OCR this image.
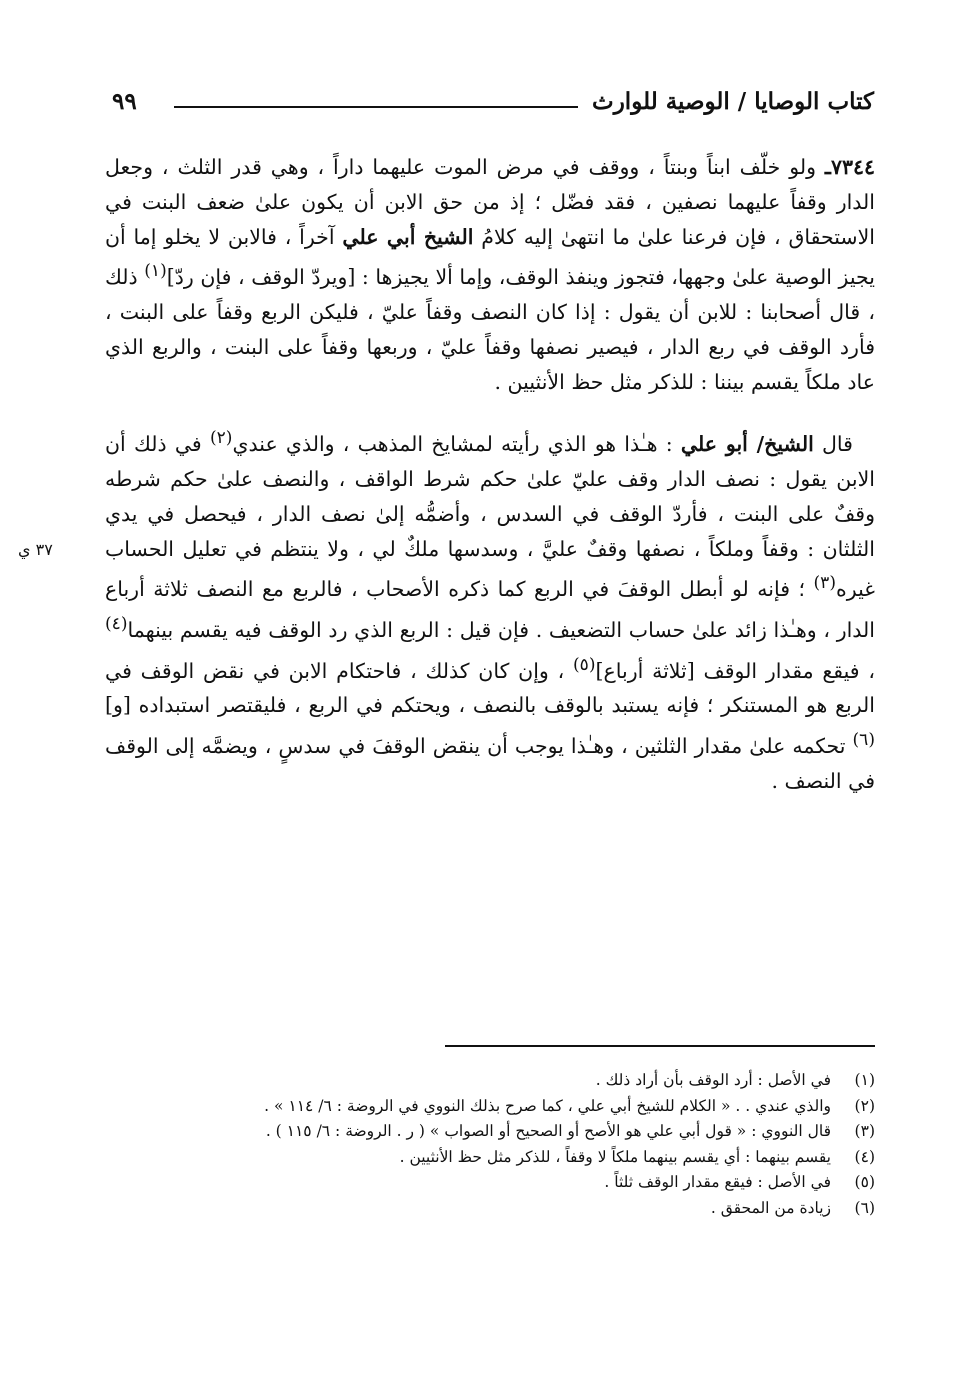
كتاب الوصايا / الوصية للوارث
٩٩
٣٧ ي

٧٣٤٤ـ ولو خلّف ابناً وبنتاً ، ووقف في مرض الموت عليهما داراً ، وهي قدر الثلث ، وجعل الدار وقفاً عليهما نصفين ، فقد فضّل ؛ إذ من حق الابن أن يكون علىٰ ضعف البنت في الاستحقاق ، فإن فرعنا علىٰ ما انتهىٰ إليه كلامُ الشيخ أبي علي آخراً ، فالابن لا يخلو إما أن يجيز الوصية علىٰ وجهها، فتجوز وينفذ الوقف، وإما ألا يجيزها : [ويردّ الوقف ، فإن ردّ]$^{(١)}$ ذلك ، قال أصحابنا : للابن أن يقول : إذا كان النصف وقفاً عليّ ، فليكن الربع وقفاً على البنت ، فأرد الوقف في ربع الدار ، فيصير نصفها وقفاً عليّ ، وربعها وقفاً على البنت ، والربع الذي عاد ملكاً يقسم بيننا : للذكر مثل حظ الأنثيين .

قال الشيخ/ أبو علي : هـٰذا هو الذي رأيته لمشايخ المذهب ، والذي عندي$^{(٢)}$ في ذلك أن الابن يقول : نصف الدار وقف عليّ علىٰ حكم شرط الواقف ، والنصف علىٰ حكم شرطه وقفٌ على البنت ، فأردّ الوقف في السدس ، وأضمُّه إلىٰ نصف الدار ، فيحصل في يدي الثلثان : وقفاً وملكاً ، نصفها وقفٌ عليَّ ، وسدسها ملكٌ لي ، ولا ينتظم في تعليل الحساب غيره$^{(٣)}$ ؛ فإنه لو أبطل الوقفَ في الربع كما ذكره الأصحاب ، فالربع مع النصف ثلاثة أرباع الدار ، وهـٰذا زائد علىٰ حساب التضعيف . فإن قيل : الربع الذي رد الوقف فيه يقسم بينهما$^{(٤)}$ ، فيقع مقدار الوقف [ثلاثة أرباع]$^{(٥)}$ ، وإن كان كذلك ، فاحتكام الابن في نقض الوقف في الربع هو المستنكر ؛ فإنه يستبد بالوقف بالنصف ، ويحتكم في الربع ، فليقتصر استبداده [و]$^{(٦)}$ تحكمه علىٰ مقدار الثلثين ، وهـٰذا يوجب أن ينقض الوقفَ في سدسٍ ، ويضمَّه إلى الوقف في النصف .

(١)
في الأصل : أرد الوقف بأن أراد ذلك .
(٢)
والذي عندي . . « الكلام للشيخ أبي علي ، كما صرح بذلك النووي في الروضة : ٦/ ١١٤ » .
(٣)
قال النووي : « قول أبي علي هو الأصح أو الصحيح أو الصواب » ( ر . الروضة : ٦/ ١١٥ ) .
(٤)
يقسم بينهما : أي يقسم بينهما ملكاً لا وقفاً ، للذكر مثل حظ الأنثيين .
(٥)
في الأصل : فيقع مقدار الوقف ثلثاً .
(٦)
زيادة من المحقق .
